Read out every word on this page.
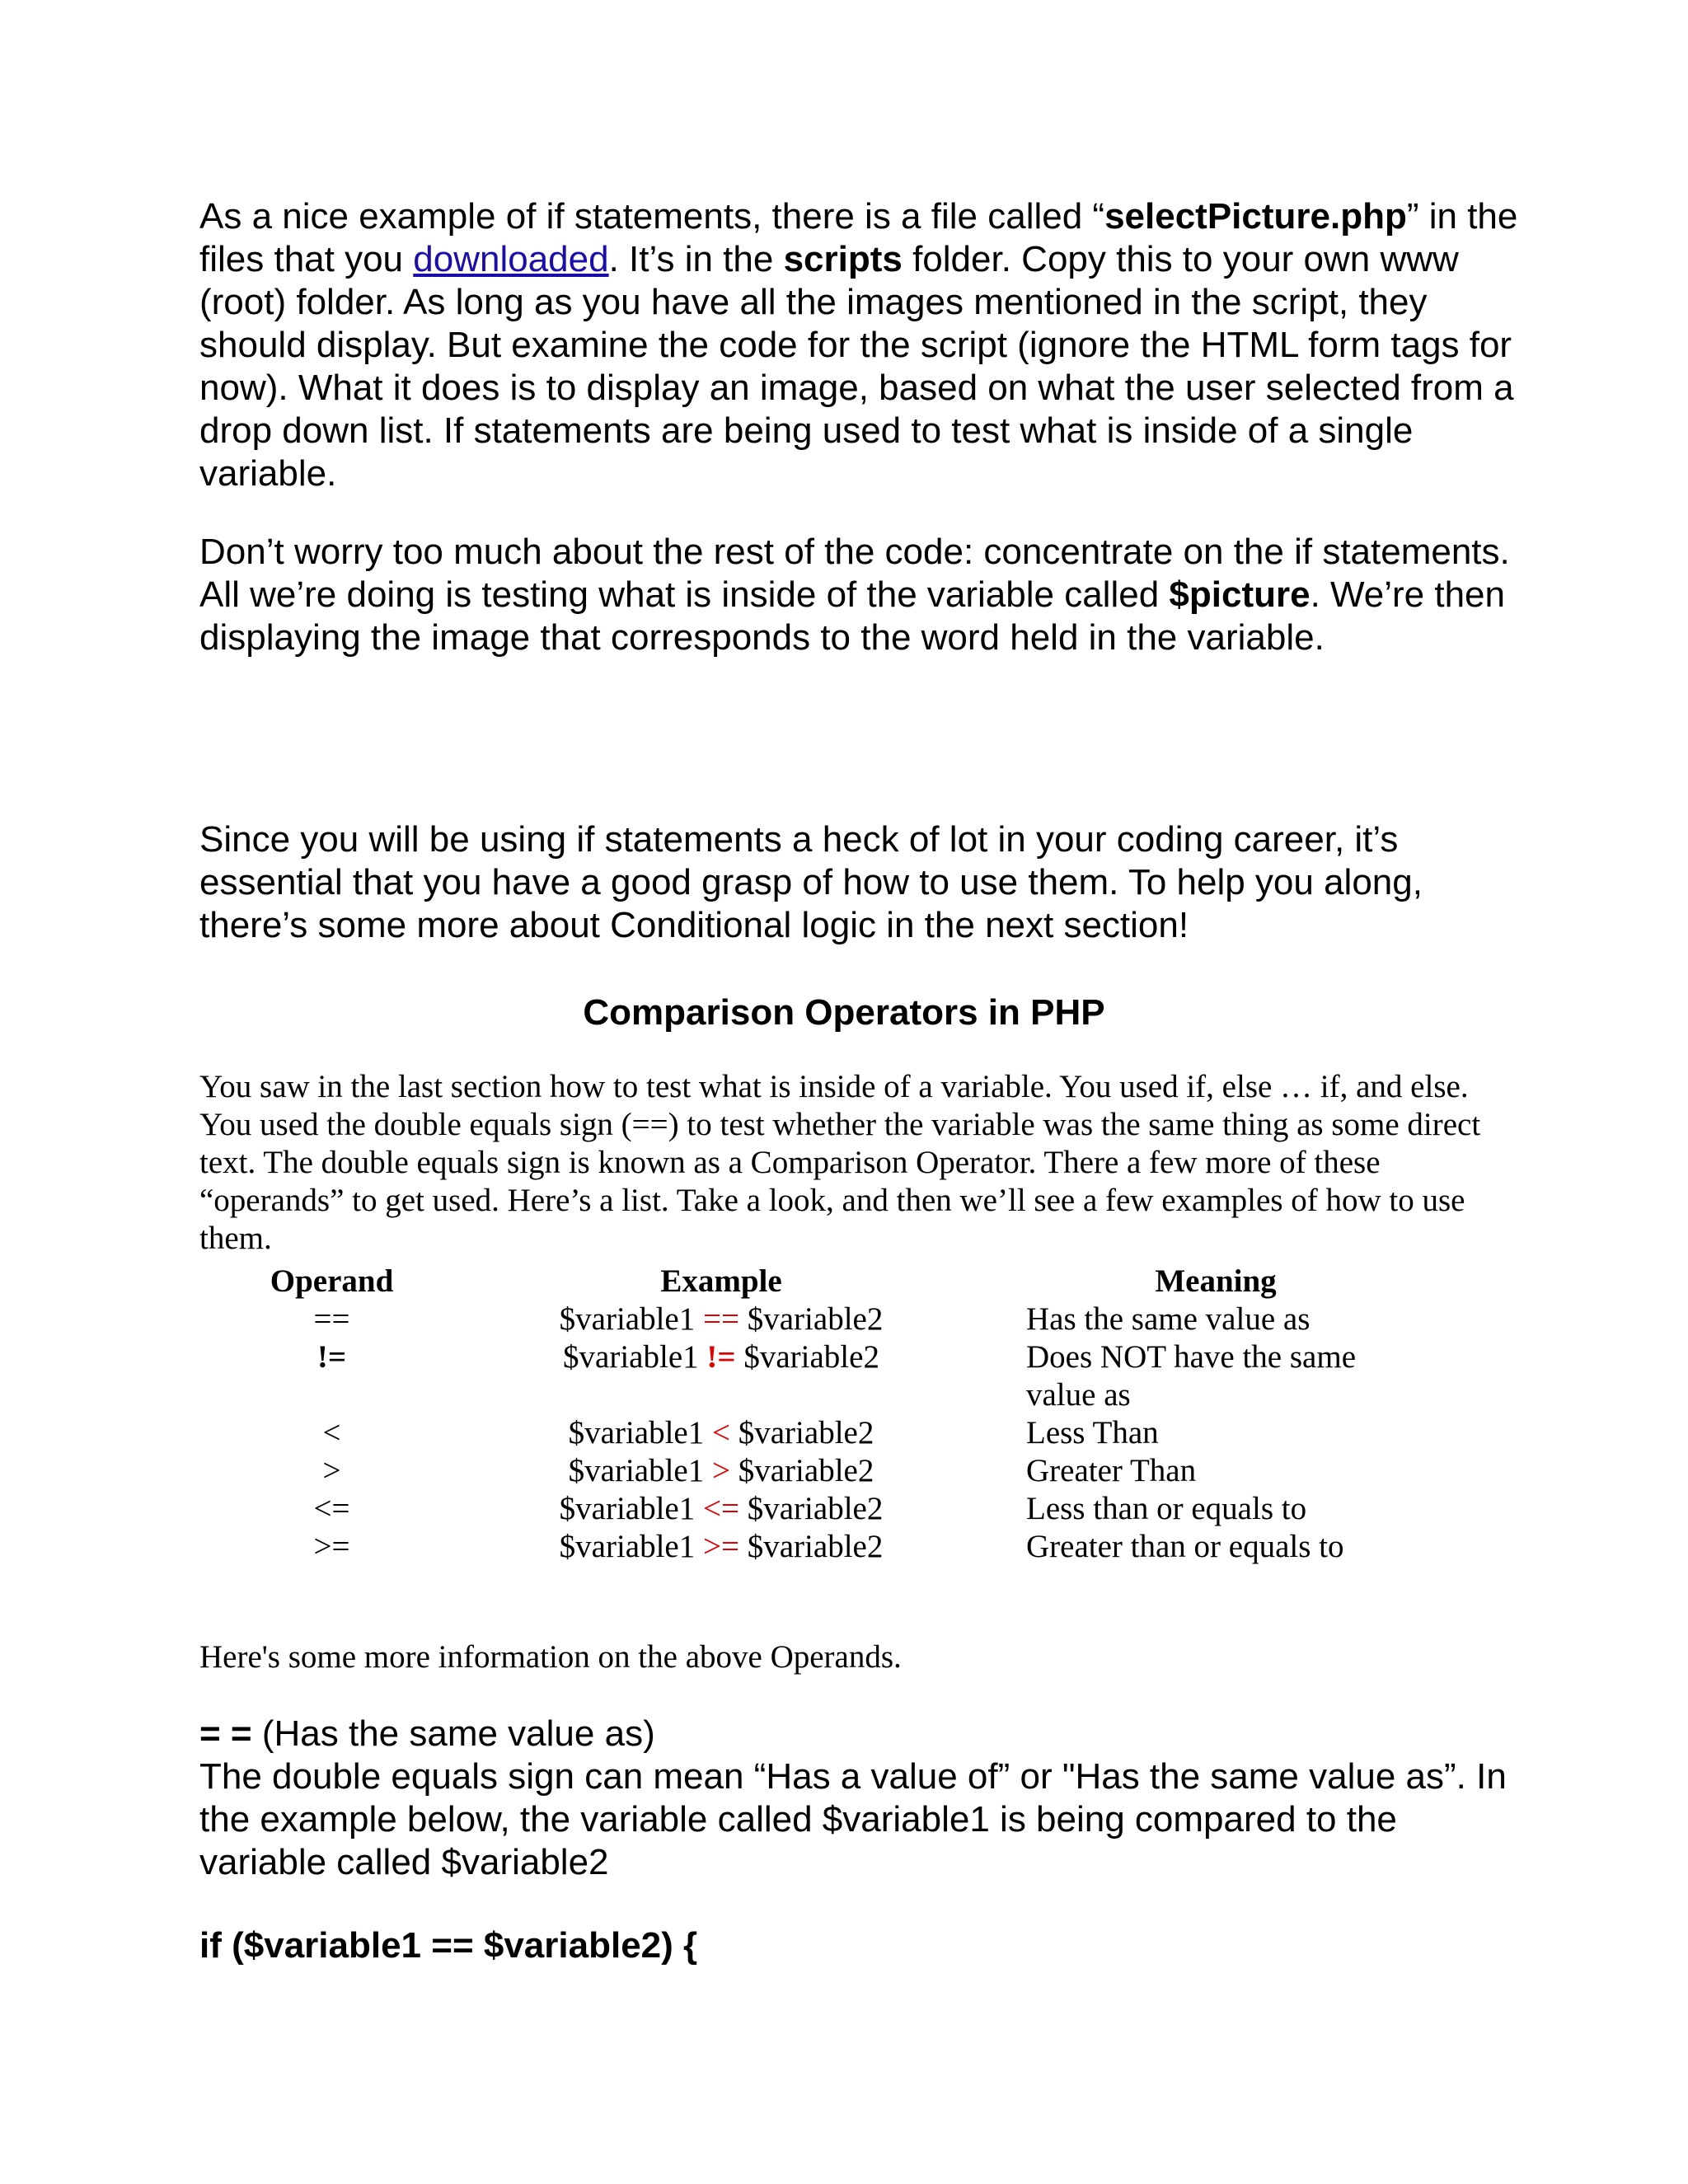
As a nice example of if statements, there is a file called “selectPicture.php” in the files that you downloaded. It’s in the scripts folder. Copy this to your own www (root) folder. As long as you have all the images mentioned in the script, they should display. But examine the code for the script (ignore the HTML form tags for now). What it does is to display an image, based on what the user selected from a drop down list. If statements are being used to test what is inside of a single variable.

Don’t worry too much about the rest of the code: concentrate on the if statements. All we’re doing is testing what is inside of the variable called $picture. We’re then displaying the image that corresponds to the word held in the variable.

Since you will be using if statements a heck of lot in your coding career, it’s essential that you have a good grasp of how to use them. To help you along, there’s some more about Conditional logic in the next section!

Comparison Operators in PHP

You saw in the last section how to test what is inside of a variable. You used if, else … if, and else. You used the double equals sign (==) to test whether the variable was the same thing as some direct text. The double equals sign is known as a Comparison Operator. There a few more of these “operands” to get used. Here’s a list. Take a look, and then we’ll see a few examples of how to use them.

Operand	Example	Meaning
==	$variable1 == $variable2	Has the same value as
!=	$variable1 != $variable2	Does NOT have the same value as
<	$variable1 < $variable2	Less Than
>	$variable1 > $variable2	Greater Than
<=	$variable1 <= $variable2	Less than or equals to
>=	$variable1 >= $variable2	Greater than or equals to

Here's some more information on the above Operands.

= = (Has the same value as)
The double equals sign can mean “Has a value of” or "Has the same value as”. In the example below, the variable called $variable1 is being compared to the variable called $variable2

if ($variable1 == $variable2) {
